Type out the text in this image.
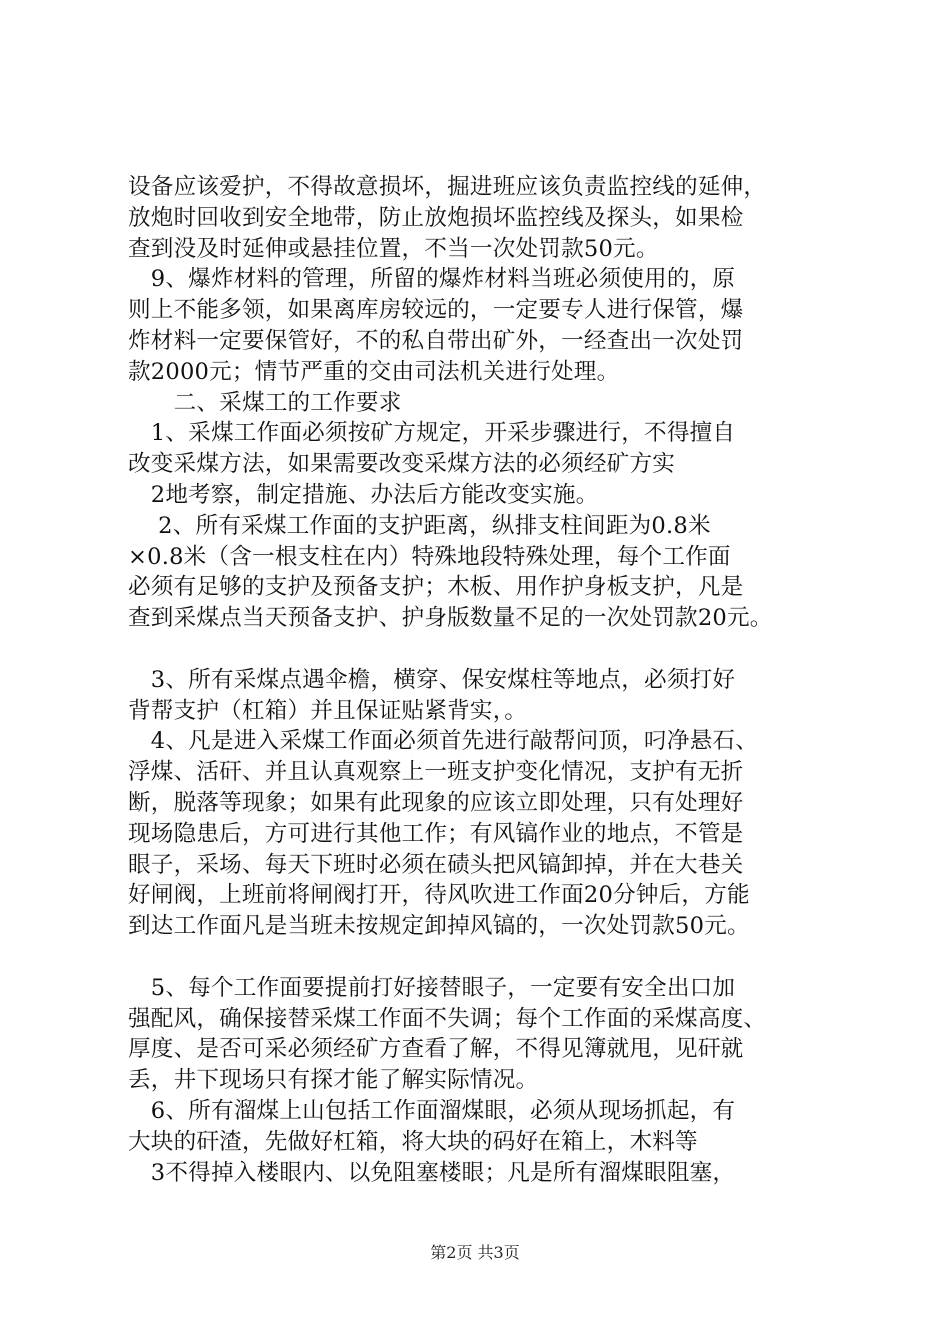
设备应该爱护，不得故意损坏，掘进班应该负责监控线的延伸，
放炮时回收到安全地带，防止放炮损坏监控线及探头，如果检
查到没及时延伸或悬挂位置，不当一次处罚款50元。
　9、爆炸材料的管理，所留的爆炸材料当班必须使用的，原
则上不能多领，如果离库房较远的，一定要专人进行保管，爆
炸材料一定要保管好，不的私自带出矿外，一经查出一次处罚
款2000元；情节严重的交由司法机关进行处理。
　　二、采煤工的工作要求
　1、采煤工作面必须按矿方规定，开采步骤进行，不得擅自
改变采煤方法，如果需要改变采煤方法的必须经矿方实
　2地考察，制定措施、办法后方能改变实施。
　 2、所有采煤工作面的支护距离，纵排支柱间距为0.8米
×0.8米（含一根支柱在内）特殊地段特殊处理，每个工作面
必须有足够的支护及预备支护；木板、用作护身板支护，凡是
查到采煤点当天预备支护、护身版数量不足的一次处罚款20元。
　3、所有采煤点遇伞檐，横穿、保安煤柱等地点，必须打好
背帮支护（杠箱）并且保证贴紧背实，。
　4、凡是进入采煤工作面必须首先进行敲帮问顶，叼净悬石、
浮煤、活矸、并且认真观察上一班支护变化情况，支护有无折
断，脱落等现象；如果有此现象的应该立即处理，只有处理好
现场隐患后，方可进行其他工作；有风镐作业的地点，不管是
眼子，采场、每天下班时必须在碛头把风镐卸掉，并在大巷关
好闸阀，上班前将闸阀打开，待风吹进工作面20分钟后，方能
到达工作面凡是当班未按规定卸掉风镐的，一次处罚款50元。
　5、每个工作面要提前打好接替眼子，一定要有安全出口加
强配风，确保接替采煤工作面不失调；每个工作面的采煤高度、
厚度、是否可采必须经矿方查看了解，不得见簿就甩，见矸就
丢，井下现场只有探才能了解实际情况。
　6、所有溜煤上山包括工作面溜煤眼，必须从现场抓起，有
大块的矸渣，先做好杠箱，将大块的码好在箱上，木料等
　3不得掉入楼眼内、以免阻塞楼眼；凡是所有溜煤眼阻塞，
第2页 共3页
